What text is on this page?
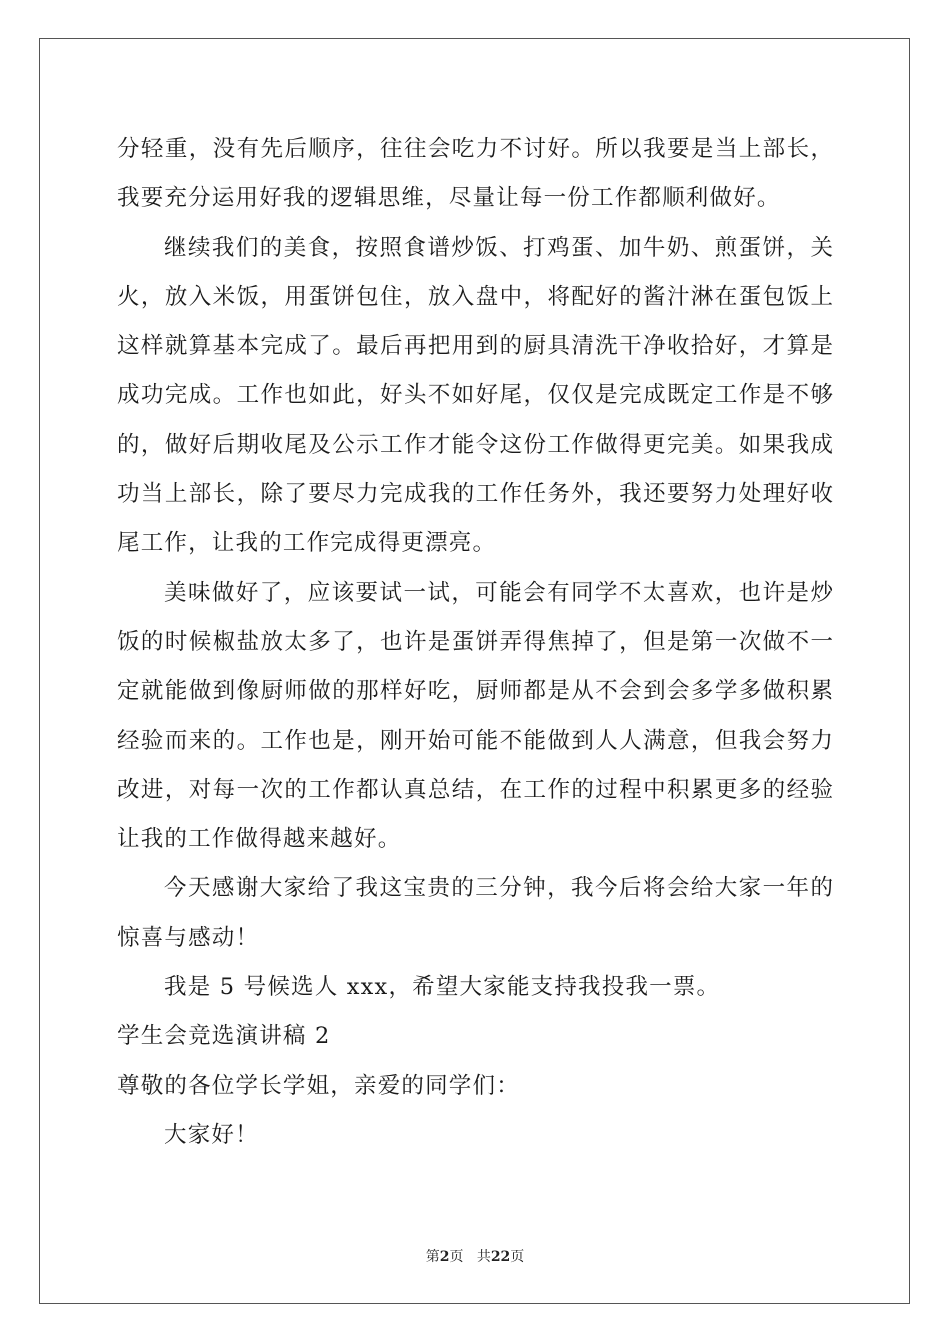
分轻重，没有先后顺序，往往会吃力不讨好。所以我要是当上部长，
我要充分运用好我的逻辑思维，尽量让每一份工作都顺利做好。
继续我们的美食，按照食谱炒饭、打鸡蛋、加牛奶、煎蛋饼，关
火，放入米饭，用蛋饼包住，放入盘中，将配好的酱汁淋在蛋包饭上
这样就算基本完成了。最后再把用到的厨具清洗干净收拾好，才算是
成功完成。工作也如此，好头不如好尾，仅仅是完成既定工作是不够
的，做好后期收尾及公示工作才能令这份工作做得更完美。如果我成
功当上部长，除了要尽力完成我的工作任务外，我还要努力处理好收
尾工作，让我的工作完成得更漂亮。
美味做好了，应该要试一试，可能会有同学不太喜欢，也许是炒
饭的时候椒盐放太多了，也许是蛋饼弄得焦掉了，但是第一次做不一
定就能做到像厨师做的那样好吃，厨师都是从不会到会多学多做积累
经验而来的。工作也是，刚开始可能不能做到人人满意，但我会努力
改进，对每一次的工作都认真总结，在工作的过程中积累更多的经验
让我的工作做得越来越好。
今天感谢大家给了我这宝贵的三分钟，我今后将会给大家一年的
惊喜与感动！
我是 5 号候选人 xxx，希望大家能支持我投我一票。
学生会竞选演讲稿 2
尊敬的各位学长学姐，亲爱的同学们：
大家好！
第2页 共22页
